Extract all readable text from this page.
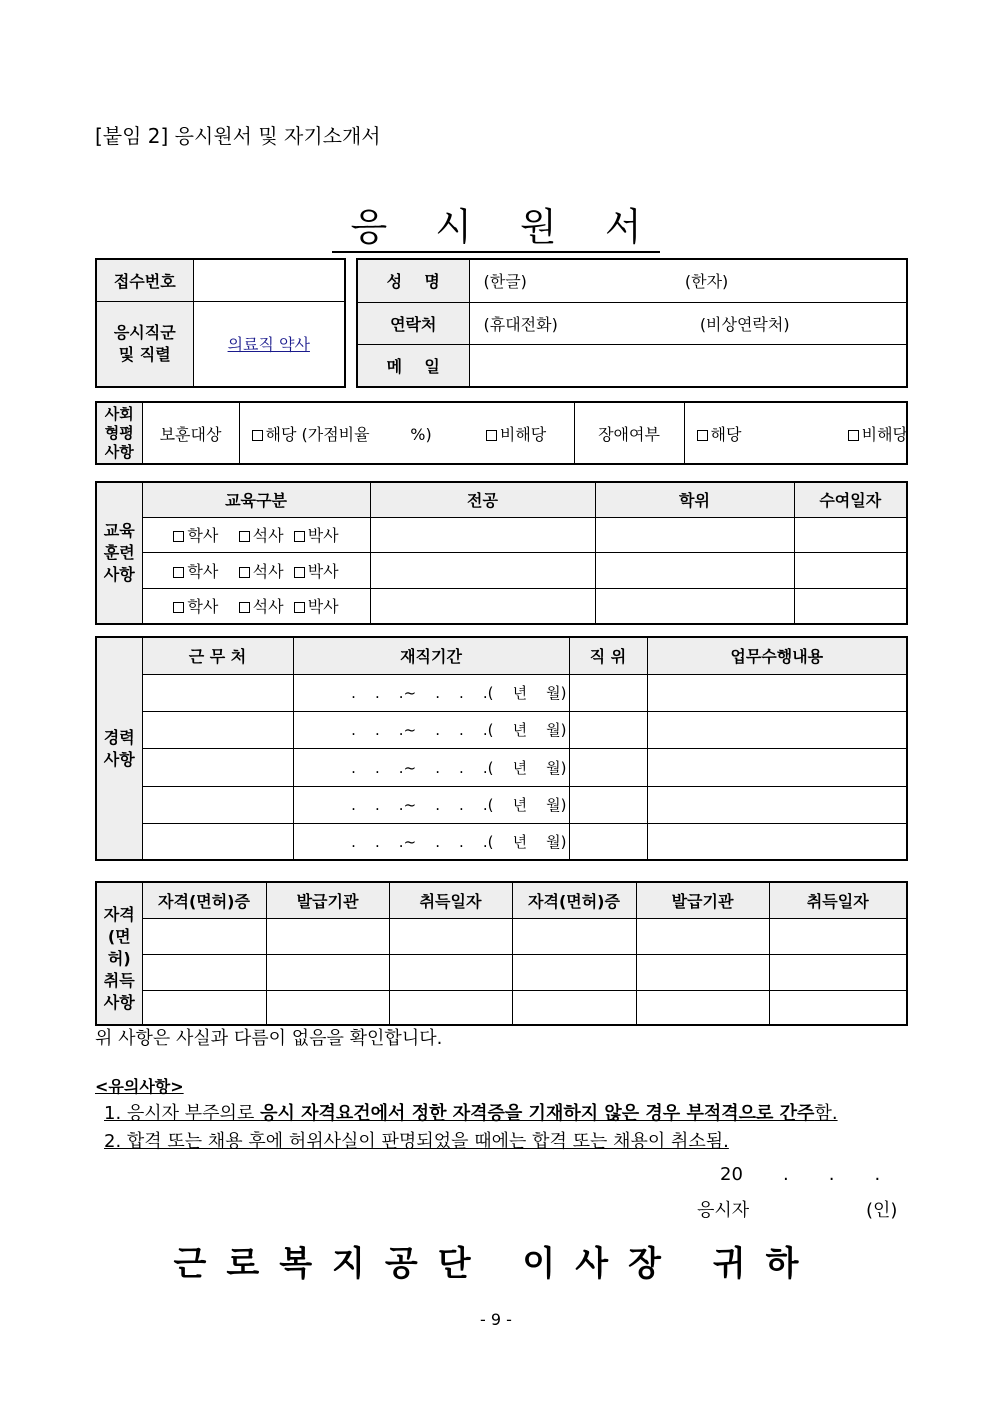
[붙임 2] 응시원서 및 자기소개서
응 시 원 서
접수번호	
응시직군
및 직렬	의료직 약사
성    명	(한글) (한자)
연락처	(휴대전화) (비상연락처)
메    일	
사회
형평
사항	보훈대상	해당 (가점비율        %)	비해당	장애여부	해당	비해당
교육
훈련
사항	교육구분	전공	학위	수여일자
	학사 석사 박사			
	학사 석사 박사			
	학사 석사 박사			
경력
사항	근 무 처	재직기간	직 위	업무수행내용
		.    .    .~    .    .    .(    년    월)		
		.    .    .~    .    .    .(    년    월)		
		.    .    .~    .    .    .(    년    월)		
		.    .    .~    .    .    .(    년    월)		
		.    .    .~    .    .    .(    년    월)		
자격
(면허)
취득
사항	자격(면허)증	발급기관	취득일자	자격(면허)증	발급기관	취득일자

위 사항은 사실과 다름이 없음을 확인합니다.
<유의사항>
1. 응시자 부주의로 응시 자격요건에서 정한 자격증을 기재하지 않은 경우 부적격으로 간주함.
2. 합격 또는 채용 후에 허위사실이 판명되었을 때에는 합격 또는 채용이 취소됨.
20       .       .       .
응시자	(인)
근로복지공단 이사장 귀하
- 9 -
